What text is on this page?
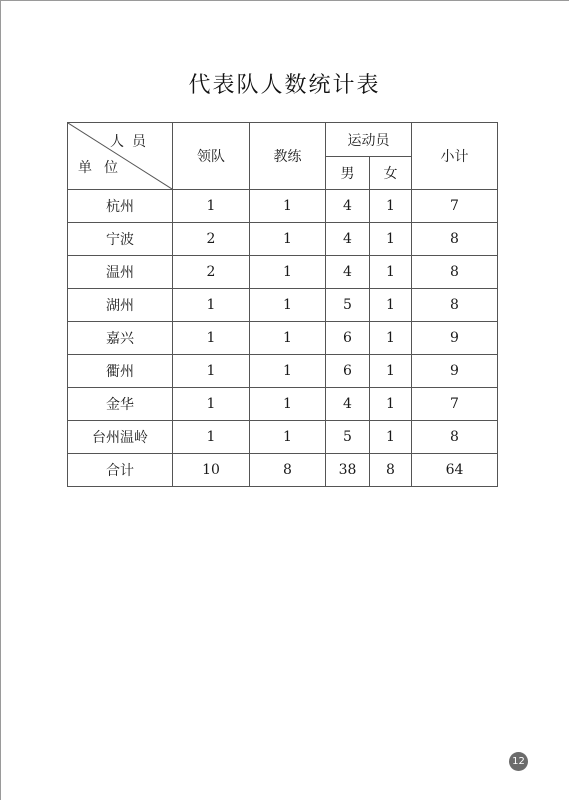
代表队人数统计表
人员
单位	领队	教练	运动员		小计
			男	女	
杭州	1	1	4	1	7
宁波	2	1	4	1	8
温州	2	1	4	1	8
湖州	1	1	5	1	8
嘉兴	1	1	6	1	9
衢州	1	1	6	1	9
金华	1	1	4	1	7
台州温岭	1	1	5	1	8
合计	10	8	38	8	64
12
